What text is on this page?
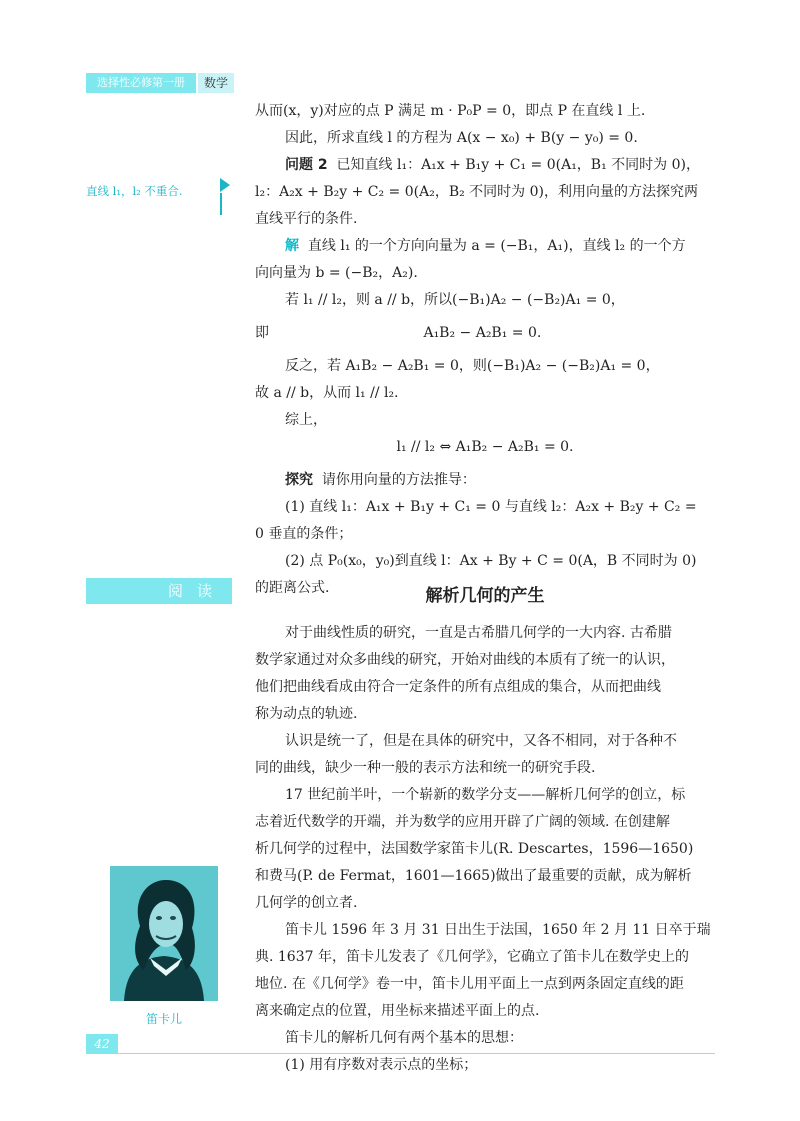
选择性必修第一册	数学
直线 l₁，l₂ 不重合.
从而(x，y)对应的点 P 满足 m · P₀P = 0，即点 P 在直线 l 上.
因此，所求直线 l 的方程为 A(x − x₀) + B(y − y₀) = 0.
问题 2 已知直线 l₁：A₁x + B₁y + C₁ = 0(A₁，B₁ 不同时为 0)，
l₂：A₂x + B₂y + C₂ = 0(A₂，B₂ 不同时为 0)，利用向量的方法探究两
直线平行的条件.
解 直线 l₁ 的一个方向向量为 a = (−B₁，A₁)，直线 l₂ 的一个方
向向量为 b = (−B₂，A₂).
若 l₁ // l₂，则 a // b，所以(−B₁)A₂ − (−B₂)A₁ = 0，
即	A₁B₂ − A₂B₁ = 0.
反之，若 A₁B₂ − A₂B₁ = 0，则(−B₁)A₂ − (−B₂)A₁ = 0，
故 a // b，从而 l₁ // l₂.
综上，
l₁ // l₂ ⇔ A₁B₂ − A₂B₁ = 0.
探究 请你用向量的方法推导：
(1) 直线 l₁：A₁x + B₁y + C₁ = 0 与直线 l₂：A₂x + B₂y + C₂ =
0 垂直的条件；
(2) 点 P₀(x₀，y₀)到直线 l：Ax + By + C = 0(A，B 不同时为 0)
的距离公式.
阅读	解析几何的产生
对于曲线性质的研究，一直是古希腊几何学的一大内容. 古希腊
数学家通过对众多曲线的研究，开始对曲线的本质有了统一的认识，
他们把曲线看成由符合一定条件的所有点组成的集合，从而把曲线
称为动点的轨迹.
认识是统一了，但是在具体的研究中，又各不相同，对于各种不
同的曲线，缺少一种一般的表示方法和统一的研究手段.
17 世纪前半叶，一个崭新的数学分支——解析几何学的创立，标
志着近代数学的开端，并为数学的应用开辟了广阔的领域. 在创建解
析几何学的过程中，法国数学家笛卡儿(R. Descartes，1596—1650)
和费马(P. de Fermat，1601—1665)做出了最重要的贡献，成为解析
几何学的创立者.
笛卡儿 1596 年 3 月 31 日出生于法国，1650 年 2 月 11 日卒于瑞
典. 1637 年，笛卡儿发表了《几何学》，它确立了笛卡儿在数学史上的
地位. 在《几何学》卷一中，笛卡儿用平面上一点到两条固定直线的距
离来确定点的位置，用坐标来描述平面上的点.
笛卡儿的解析几何有两个基本的思想：
(1) 用有序数对表示点的坐标；
笛卡儿
42
